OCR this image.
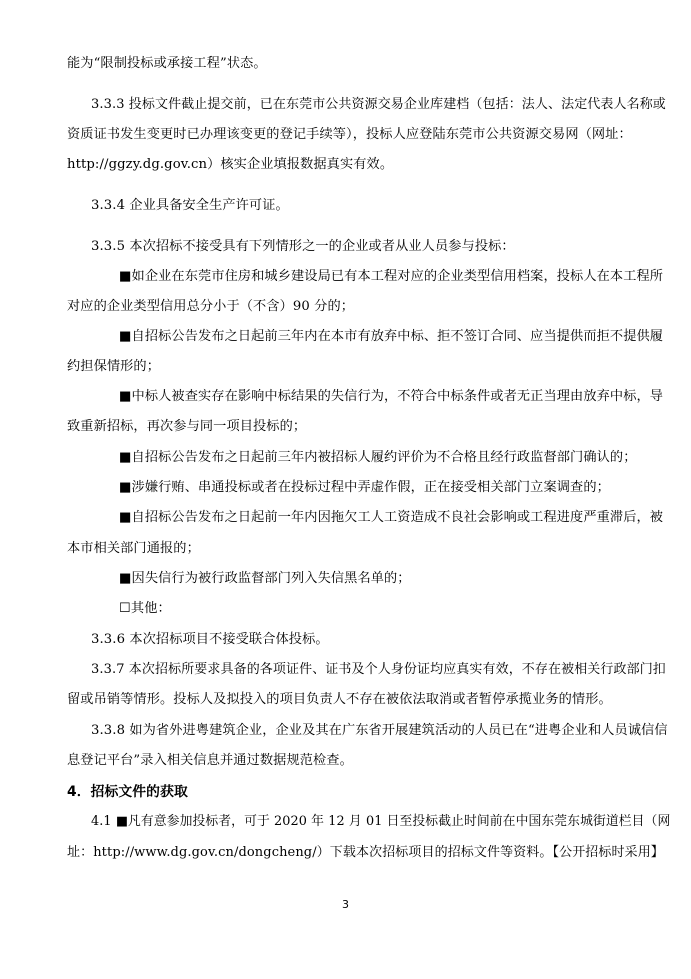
能为“限制投标或承接工程”状态。
3.3.3 投标文件截止提交前，已在东莞市公共资源交易企业库建档（包括：法人、法定代表人名称或
资质证书发生变更时已办理该变更的登记手续等），投标人应登陆东莞市公共资源交易网（网址：
http://ggzy.dg.gov.cn）核实企业填报数据真实有效。
3.3.4 企业具备安全生产许可证。
3.3.5 本次招标不接受具有下列情形之一的企业或者从业人员参与投标：
■如企业在东莞市住房和城乡建设局已有本工程对应的企业类型信用档案，投标人在本工程所
对应的企业类型信用总分小于（不含）90 分的；
■自招标公告发布之日起前三年内在本市有放弃中标、拒不签订合同、应当提供而拒不提供履
约担保情形的；
■中标人被查实存在影响中标结果的失信行为，不符合中标条件或者无正当理由放弃中标，导
致重新招标，再次参与同一项目投标的；
■自招标公告发布之日起前三年内被招标人履约评价为不合格且经行政监督部门确认的；
■涉嫌行贿、串通投标或者在投标过程中弄虚作假，正在接受相关部门立案调查的；
■自招标公告发布之日起前一年内因拖欠工人工资造成不良社会影响或工程进度严重滞后，被
本市相关部门通报的；
■因失信行为被行政监督部门列入失信黑名单的；
☐其他：
3.3.6 本次招标项目不接受联合体投标。
3.3.7 本次招标所要求具备的各项证件、证书及个人身份证均应真实有效，不存在被相关行政部门扣
留或吊销等情形。投标人及拟投入的项目负责人不存在被依法取消或者暂停承揽业务的情形。
3.3.8 如为省外进粤建筑企业，企业及其在广东省开展建筑活动的人员已在“进粤企业和人员诚信信
息登记平台”录入相关信息并通过数据规范检查。
4．招标文件的获取
4.1 ■凡有意参加投标者，可于 2020 年 12 月 01 日至投标截止时间前在中国东莞东城街道栏目（网
址：http://www.dg.gov.cn/dongcheng/）下载本次招标项目的招标文件等资料。【公开招标时采用】
3
